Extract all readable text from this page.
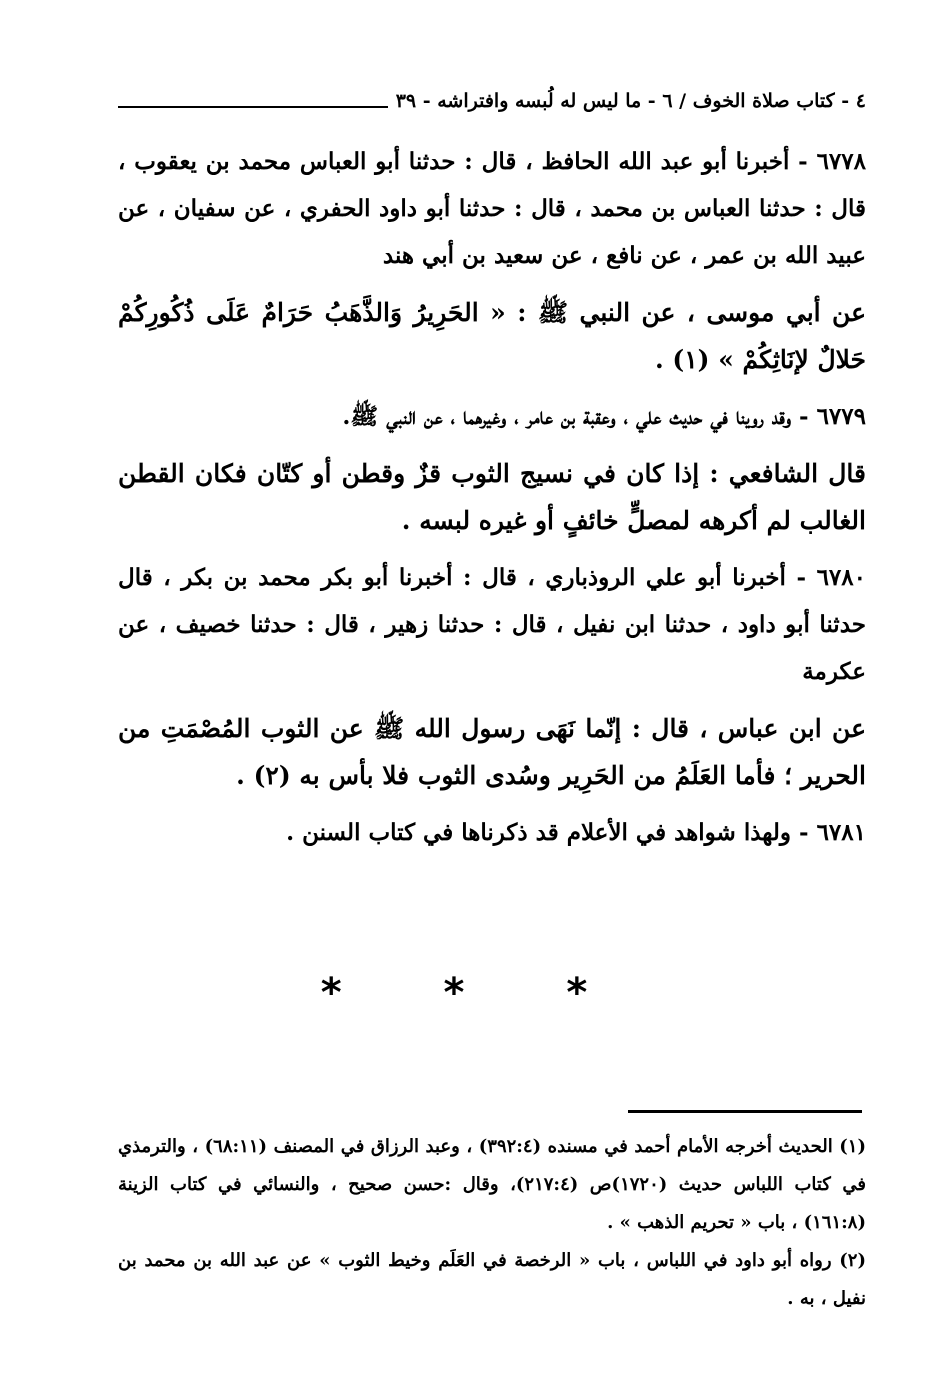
٤ - كتاب صلاة الخوف / ٦ - ما ليس له لُبسه وافتراشه - ٣٩

٦٧٧٨ - أخبرنا أبو عبد الله الحافظ ، قال : حدثنا أبو العباس محمد بن يعقوب ، قال : حدثنا العباس بن محمد ، قال : حدثنا أبو داود الحفري ، عن سفيان ، عن عبيد الله بن عمر ، عن نافع ، عن سعيد بن أبي هند

عن أبي موسى ، عن النبي ﷺ : « الحَرِيرُ وَالذَّهَبُ حَرَامٌ عَلَى ذُكُورِكُمْ حَلالٌ لإنَاثِكُمْ » (١) .

٦٧٧٩ - وقد روينا في حديث علي ، وعقبة بن عامر ، وغيرهما ، عن النبي ﷺ.

قال الشافعي : إذا كان في نسيج الثوب قزٌ وقطن أو كتّان فكان القطن الغالب لم أكرهه لمصلٍّ خائفٍ أو غيره لبسه .

٦٧٨٠ - أخبرنا أبو علي الروذباري ، قال : أخبرنا أبو بكر محمد بن بكر ، قال حدثنا أبو داود ، حدثنا ابن نفيل ، قال : حدثنا زهير ، قال : حدثنا خصيف ، عن عكرمة

عن ابن عباس ، قال : إنّما نَهَى رسول الله ﷺ عن الثوب المُصْمَتِ من الحرير ؛ فأما العَلَمُ من الحَرِير وسُدى الثوب فلا بأس به (٢) .

٦٧٨١ - ولهذا شواهد في الأعلام قد ذكرناها في كتاب السنن .

* * *

(١) الحديث أخرجه الأمام أحمد في مسنده (٣٩٢:٤) ، وعبد الرزاق في المصنف (٦٨:١١) ، والترمذي في كتاب اللباس حديث (١٧٢٠)ص (٢١٧:٤)، وقال :حسن صحيح ، والنسائي في كتاب الزينة (١٦١:٨) ، باب « تحريم الذهب » .

(٢) رواه أبو داود في اللباس ، باب « الرخصة في العَلَم وخيط الثوب » عن عبد الله بن محمد بن نفيل ، به .
